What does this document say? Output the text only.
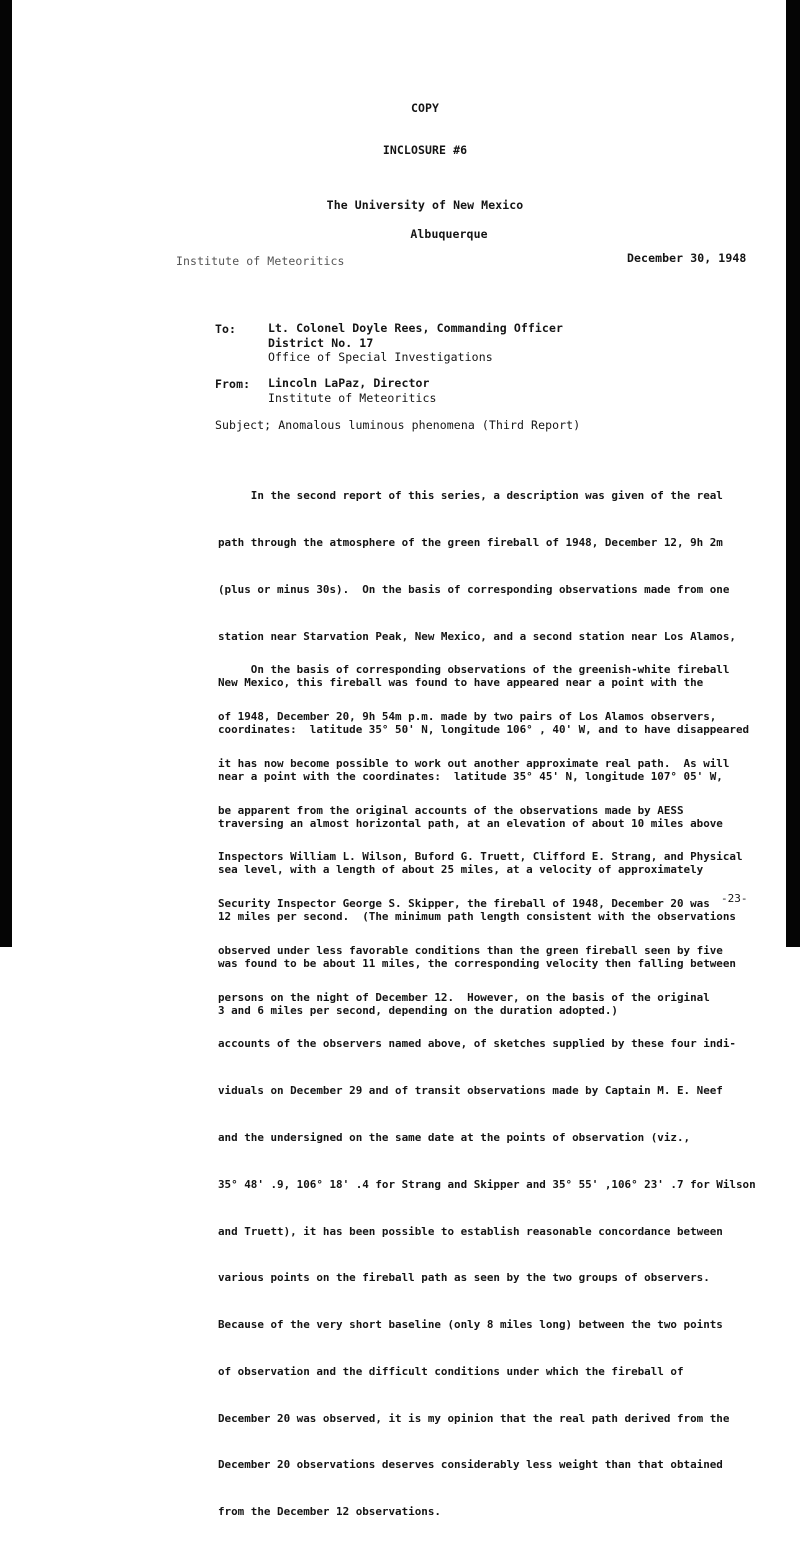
COPY
INCLOSURE #6
The University of New Mexico
Albuquerque
Institute of Meteoritics	December 30, 1948
To:	Lt. Colonel Doyle Rees, Commanding Officer
District No. 17
Office of Special Investigations
From: Lincoln LaPaz, Director
Institute of Meteoritics
Subject; Anomalous luminous phenomena (Third Report)

In the second report of this series, a description was given of the real

path through the atmosphere of the green fireball of 1948, December 12, 9h 2m

(plus or minus 30s).  On the basis of corresponding observations made from one

station near Starvation Peak, New Mexico, and a second station near Los Alamos,

New Mexico, this fireball was found to have appeared near a point with the

coordinates:  latitude 35° 50' N, longitude 106° , 40' W, and to have disappeared

near a point with the coordinates:  latitude 35° 45' N, longitude 107° 05' W,

traversing an almost horizontal path, at an elevation of about 10 miles above

sea level, with a length of about 25 miles, at a velocity of approximately

12 miles per second.  (The minimum path length consistent with the observations

was found to be about 11 miles, the corresponding velocity then falling between

3 and 6 miles per second, depending on the duration adopted.)

On the basis of corresponding observations of the greenish-white fireball

of 1948, December 20, 9h 54m p.m. made by two pairs of Los Alamos observers,

it has now become possible to work out another approximate real path.  As will

be apparent from the original accounts of the observations made by AESS

Inspectors William L. Wilson, Buford G. Truett, Clifford E. Strang, and Physical

Security Inspector George S. Skipper, the fireball of 1948, December 20 was

observed under less favorable conditions than the green fireball seen by five

persons on the night of December 12.  However, on the basis of the original

accounts of the observers named above, of sketches supplied by these four indi-

viduals on December 29 and of transit observations made by Captain M. E. Neef

and the undersigned on the same date at the points of observation (viz.,

35° 48' .9, 106° 18' .4 for Strang and Skipper and 35° 55' ,106° 23' .7 for Wilson

and Truett), it has been possible to establish reasonable concordance between

various points on the fireball path as seen by the two groups of observers.

Because of the very short baseline (only 8 miles long) between the two points

of observation and the difficult conditions under which the fireball of

December 20 was observed, it is my opinion that the real path derived from the

December 20 observations deserves considerably less weight than that obtained

from the December 12 observations.

-23-
